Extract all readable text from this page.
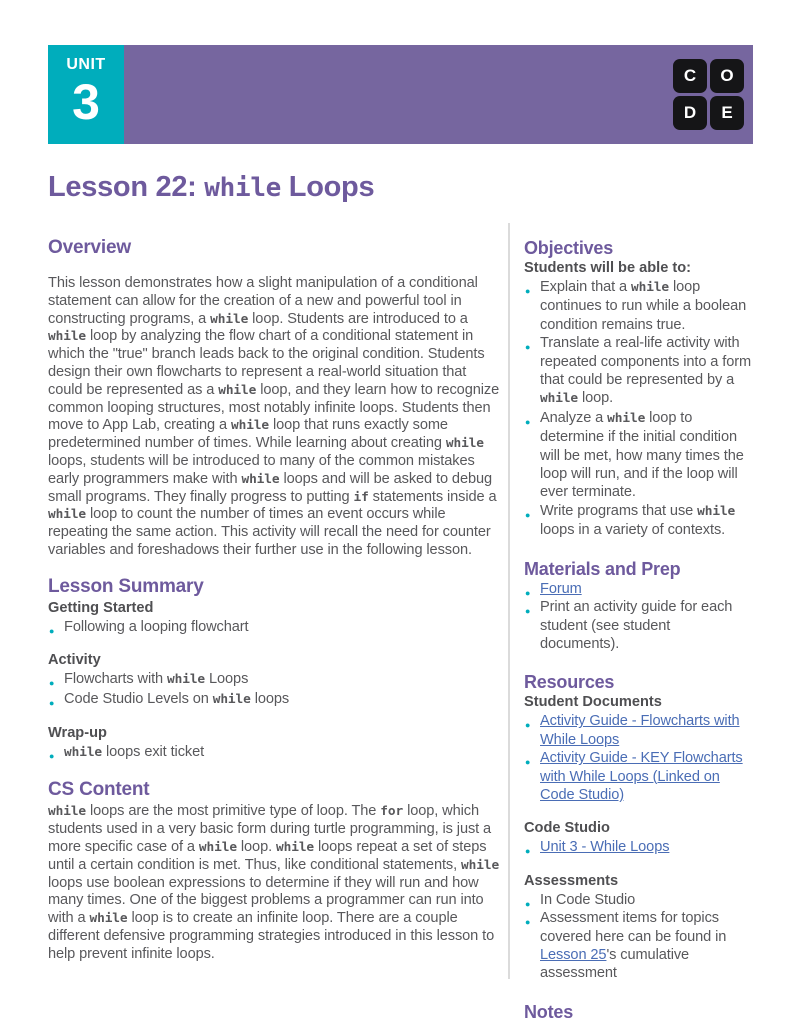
UNIT
3	C	O
D	E
Lesson 22: while Loops
Overview

This lesson demonstrates how a slight manipulation of a conditional statement can allow for the creation of a new and powerful tool in constructing programs, a while loop. Students are introduced to a while loop by analyzing the flow chart of a conditional statement in which the "true" branch leads back to the original condition. Students design their own flowcharts to represent a real-world situation that could be represented as a while loop, and they learn how to recognize common looping structures, most notably infinite loops. Students then move to App Lab, creating a while loop that runs exactly some predetermined number of times. While learning about creating while loops, students will be introduced to many of the common mistakes early programmers make with while loops and will be asked to debug small programs. They finally progress to putting if statements inside a while loop to count the number of times an event occurs while repeating the same action. This activity will recall the need for counter variables and foreshadows their further use in the following lesson.

Lesson Summary
Getting Started
● Following a looping flowchart
Activity
● Flowcharts with while Loops
● Code Studio Levels on while loops
Wrap-up
● while loops exit ticket
CS Content

while loops are the most primitive type of loop. The for loop, which students used in a very basic form during turtle programming, is just a more specific case of a while loop. while loops repeat a set of steps until a certain condition is met. Thus, like conditional statements, while loops use boolean expressions to determine if they will run and how many times. One of the biggest problems a programmer can run into with a while loop is to create an infinite loop. There are a couple different defensive programming strategies introduced in this lesson to help prevent infinite loops.

Objectives
Students will be able to:
● Explain that a while loop continues to run while a boolean condition remains true.
● Translate a real-life activity with repeated components into a form that could be represented by a while loop.
● Analyze a while loop to determine if the initial condition will be met, how many times the loop will run, and if the loop will ever terminate.
● Write programs that use while loops in a variety of contexts.
Materials and Prep
● Forum
● Print an activity guide for each student (see student documents).
Resources
Student Documents
● Activity Guide - Flowcharts with While Loops
● Activity Guide - KEY Flowcharts with While Loops (Linked on Code Studio)
Code Studio
● Unit 3 - While Loops
Assessments
● In Code Studio
● Assessment items for topics covered here can be found in Lesson 25's cumulative assessment
Notes
